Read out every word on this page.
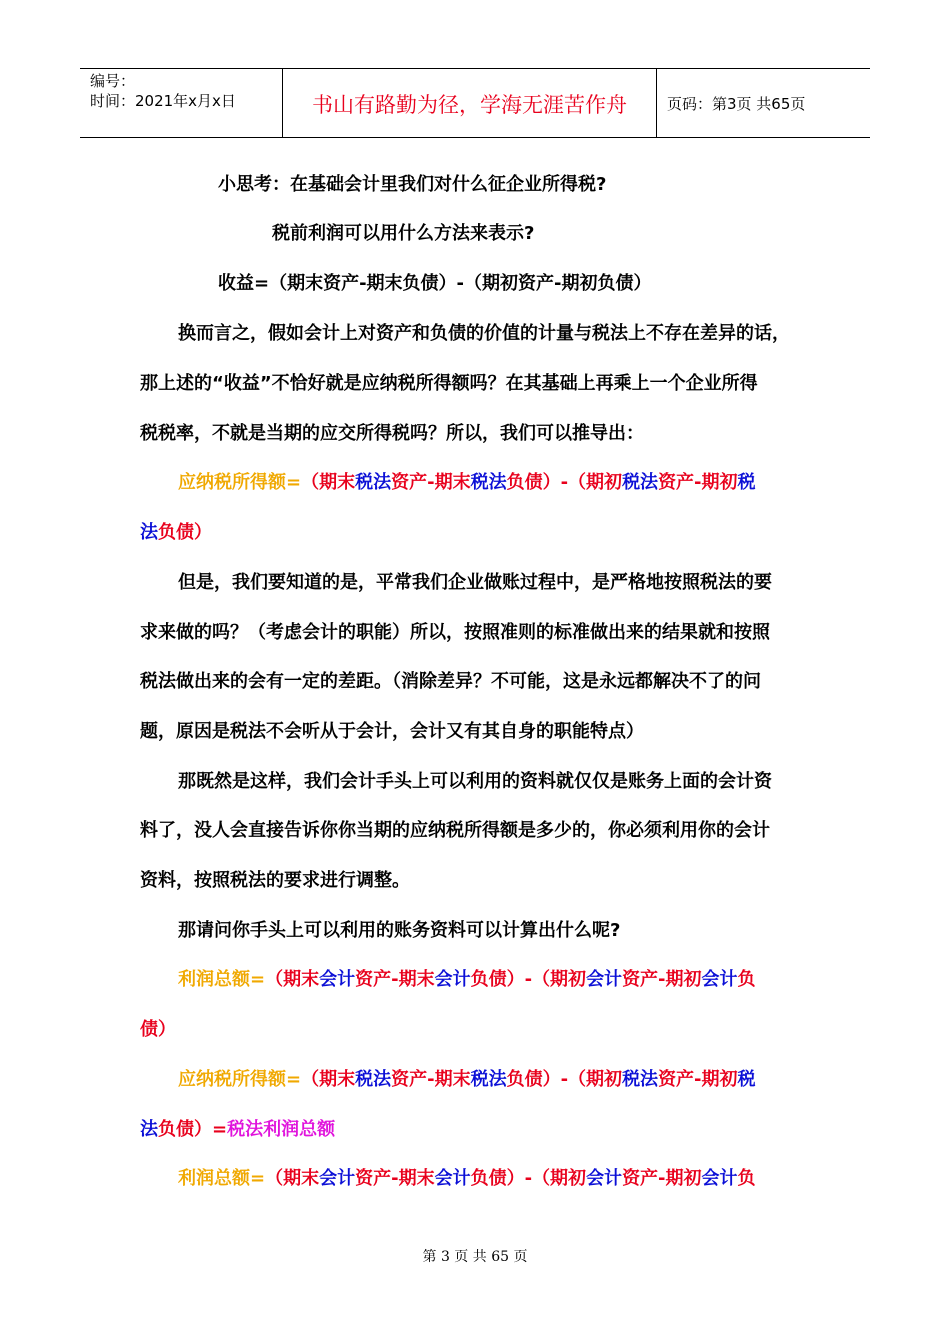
编号：
时间：2021年x月x日	书山有路勤为径，学海无涯苦作舟	页码：第3页 共65页
小思考：在基础会计里我们对什么征企业所得税?
税前利润可以用什么方法来表示?
收益=（期末资产-期末负债）-（期初资产-期初负债）
换而言之，假如会计上对资产和负债的价值的计量与税法上不存在差异的话，
那上述的“收益”不恰好就是应纳税所得额吗？在其基础上再乘上一个企业所得
税税率，不就是当期的应交所得税吗？所以，我们可以推导出：
应纳税所得额=（期末税法资产-期末税法负债）-（期初税法资产-期初税
法负债）
但是，我们要知道的是，平常我们企业做账过程中，是严格地按照税法的要
求来做的吗？（考虑会计的职能）所以，按照准则的标准做出来的结果就和按照
税法做出来的会有一定的差距。（消除差异？不可能，这是永远都解决不了的问
题，原因是税法不会听从于会计，会计又有其自身的职能特点）
那既然是这样，我们会计手头上可以利用的资料就仅仅是账务上面的会计资
料了，没人会直接告诉你你当期的应纳税所得额是多少的，你必须利用你的会计
资料，按照税法的要求进行调整。
那请问你手头上可以利用的账务资料可以计算出什么呢?
利润总额=（期末会计资产-期末会计负债）-（期初会计资产-期初会计负
债）
应纳税所得额=（期末税法资产-期末税法负债）-（期初税法资产-期初税
法负债）=税法利润总额
利润总额=（期末会计资产-期末会计负债）-（期初会计资产-期初会计负
第 3 页 共 65 页
